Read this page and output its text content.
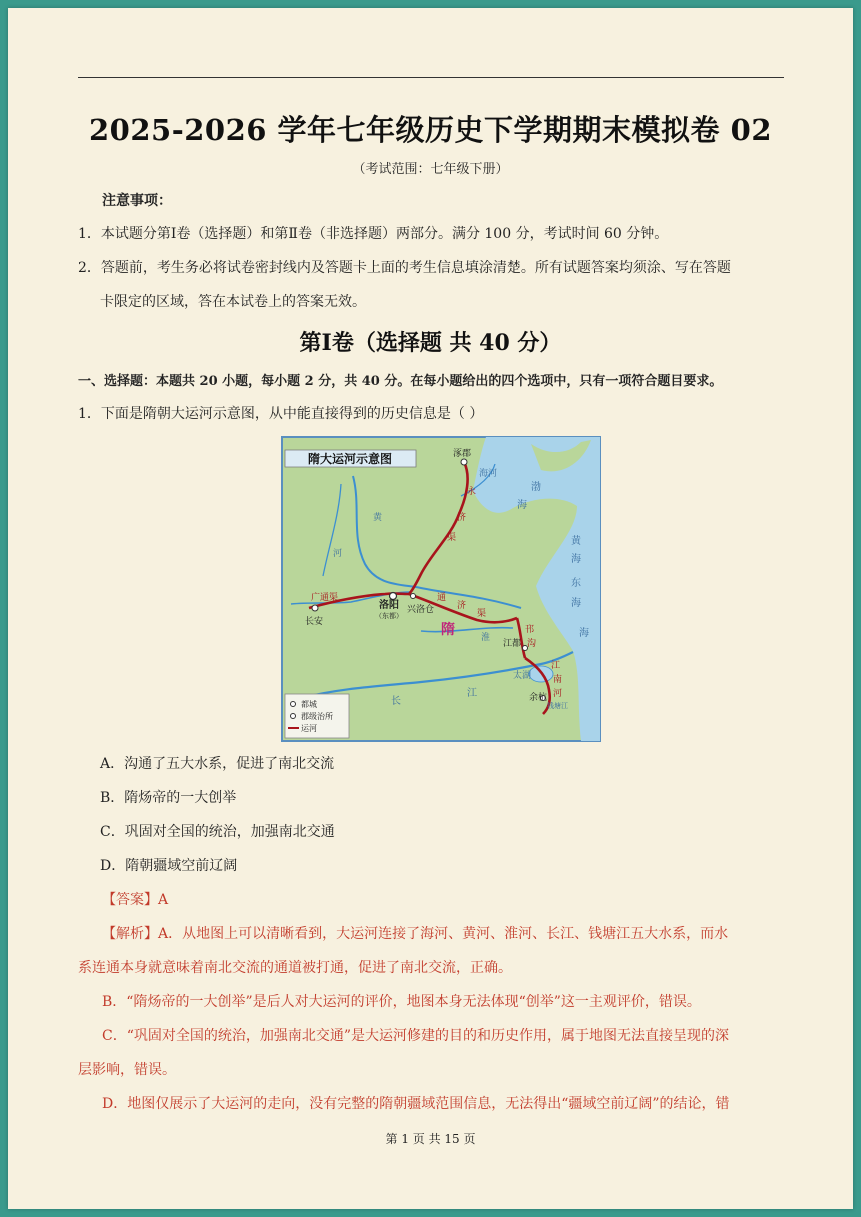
2025-2026 学年七年级历史下学期期末模拟卷 02
（考试范围：七年级下册）
注意事项：
1．本试题分第Ⅰ卷（选择题）和第Ⅱ卷（非选择题）两部分。满分 100 分，考试时间 60 分钟。
2．答题前，考生务必将试卷密封线内及答题卡上面的考生信息填涂清楚。所有试题答案均须涂、写在答题
卡限定的区域，答在本试卷上的答案无效。
第Ⅰ卷（选择题 共 40 分）
一、选择题：本题共 20 小题，每小题 2 分，共 40 分。在每小题给出的四个选项中，只有一项符合题目要求。
1．下面是隋朝大运河示意图，从中能直接得到的历史信息是（ ）
隋大运河示意图	涿郡
海河
渤
海
永
济
渠
黄
河
广通渠
长安
洛阳
（东都）
兴洛仓
通
济
渠
淮
隋
江都
邗
沟
江
南
河
太湖
余杭
钱塘江
黄
海
东
海
海
长
江
都城
郡级治所
运河
A．沟通了五大水系，促进了南北交流
B．隋炀帝的一大创举
C．巩固对全国的统治，加强南北交通
D．隋朝疆域空前辽阔
【答案】A
【解析】A．从地图上可以清晰看到，大运河连接了海河、黄河、淮河、长江、钱塘江五大水系，而水
系连通本身就意味着南北交流的通道被打通，促进了南北交流，正确。
B．“隋炀帝的一大创举”是后人对大运河的评价，地图本身无法体现“创举”这一主观评价，错误。
C．“巩固对全国的统治，加强南北交通”是大运河修建的目的和历史作用，属于地图无法直接呈现的深
层影响，错误。
D．地图仅展示了大运河的走向，没有完整的隋朝疆域范围信息，无法得出“疆域空前辽阔”的结论，错
第 1 页 共 15 页
